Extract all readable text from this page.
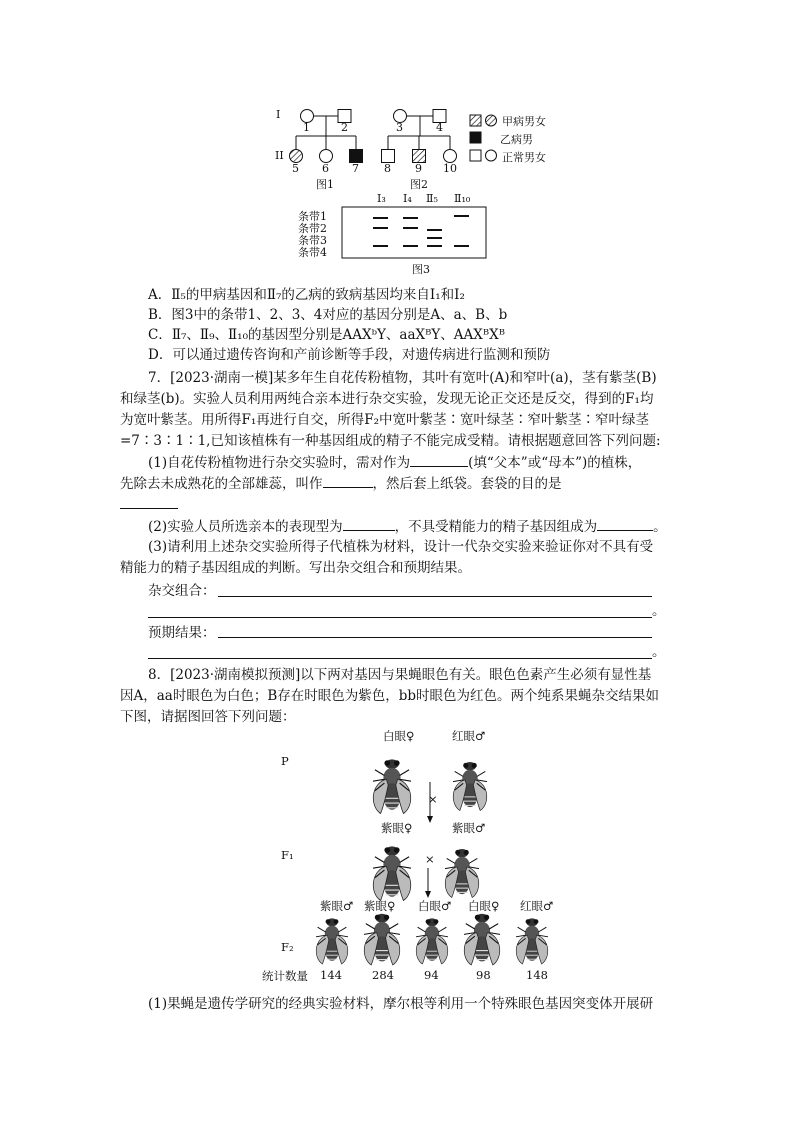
I
II
1	2
5 6 7
图1
3	4
8 9 10
图2
甲病男女
乙病男
正常男女
Ⅰ₃ Ⅰ₄ Ⅱ₅ Ⅱ₁₀
条带1
条带2
条带3
条带4
图3
A．Ⅱ₅的甲病基因和Ⅱ₇的乙病的致病基因均来自Ⅰ₁和Ⅰ₂
B．图3中的条带1、2、3、4对应的基因分别是A、a、B、b
C．Ⅱ₇、Ⅱ₉、Ⅱ₁₀的基因型分别是AAXᵇY、aaXᴮY、AAXᴮXᴮ
D．可以通过遗传咨询和产前诊断等手段，对遗传病进行监测和预防
7．[2023·湖南一模]某多年生自花传粉植物，其叶有宽叶(A)和窄叶(a)，茎有紫茎(B)
和绿茎(b)。实验人员利用两纯合亲本进行杂交实验，发现无论正交还是反交，得到的F₁均
为宽叶紫茎。用所得F₁再进行自交，所得F₂中宽叶紫茎∶宽叶绿茎∶窄叶紫茎∶窄叶绿茎
=7∶3∶1∶1,已知该植株有一种基因组成的精子不能完成受精。请根据题意回答下列问题:
(1)自花传粉植物进行杂交实验时，需对作为	(填“父本”或“母本”)的植株，
先除去未成熟花的全部雄蕊，叫作	，然后套上纸袋。套袋的目的是
(2)实验人员所选亲本的表现型为	，不具受精能力的精子基因组成为	。
(3)请利用上述杂交实验所得子代植株为材料，设计一代杂交实验来验证你对不具有受
精能力的精子基因组成的判断。写出杂交组合和预期结果。
杂交组合：
。
预期结果：
。
8．[2023·湖南模拟预测]以下两对基因与果蝇眼色有关。眼色色素产生必须有显性基
因A，aa时眼色为白色；B存在时眼色为紫色，bb时眼色为红色。两个纯系果蝇杂交结果如
下图，请据图回答下列问题：
P
F₁
F₂
白眼♀	红眼♂
×
紫眼♀	紫眼♂
×
紫眼♂ 紫眼♀ 白眼♂ 白眼♀ 红眼♂
统计数量 144	284	94	98	148
(1)果蝇是遗传学研究的经典实验材料，摩尔根等利用一个特殊眼色基因突变体开展研
